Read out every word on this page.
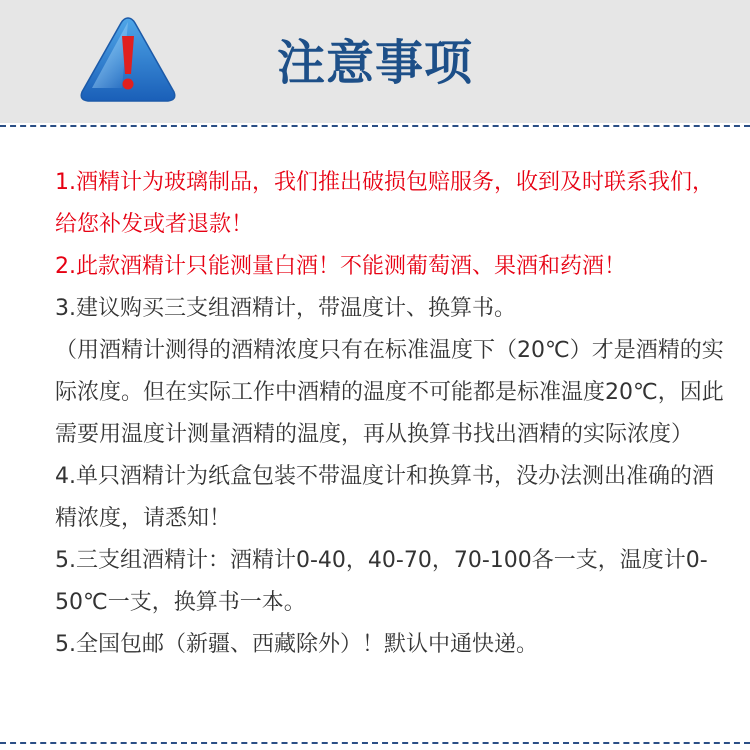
注意事项
1.酒精计为玻璃制品，我们推出破损包赔服务，收到及时联系我们，给您补发或者退款！
2.此款酒精计只能测量白酒！不能测葡萄酒、果酒和药酒！
3.建议购买三支组酒精计，带温度计、换算书。
（用酒精计测得的酒精浓度只有在标准温度下（20℃）才是酒精的实际浓度。但在实际工作中酒精的温度不可能都是标准温度20℃，因此需要用温度计测量酒精的温度，再从换算书找出酒精的实际浓度）
4.单只酒精计为纸盒包装不带温度计和换算书，没办法测出准确的酒精浓度，请悉知！
5.三支组酒精计：酒精计0-40，40-70，70-100各一支，温度计0-50℃一支，换算书一本。
5.全国包邮（新疆、西藏除外）！默认中通快递。
